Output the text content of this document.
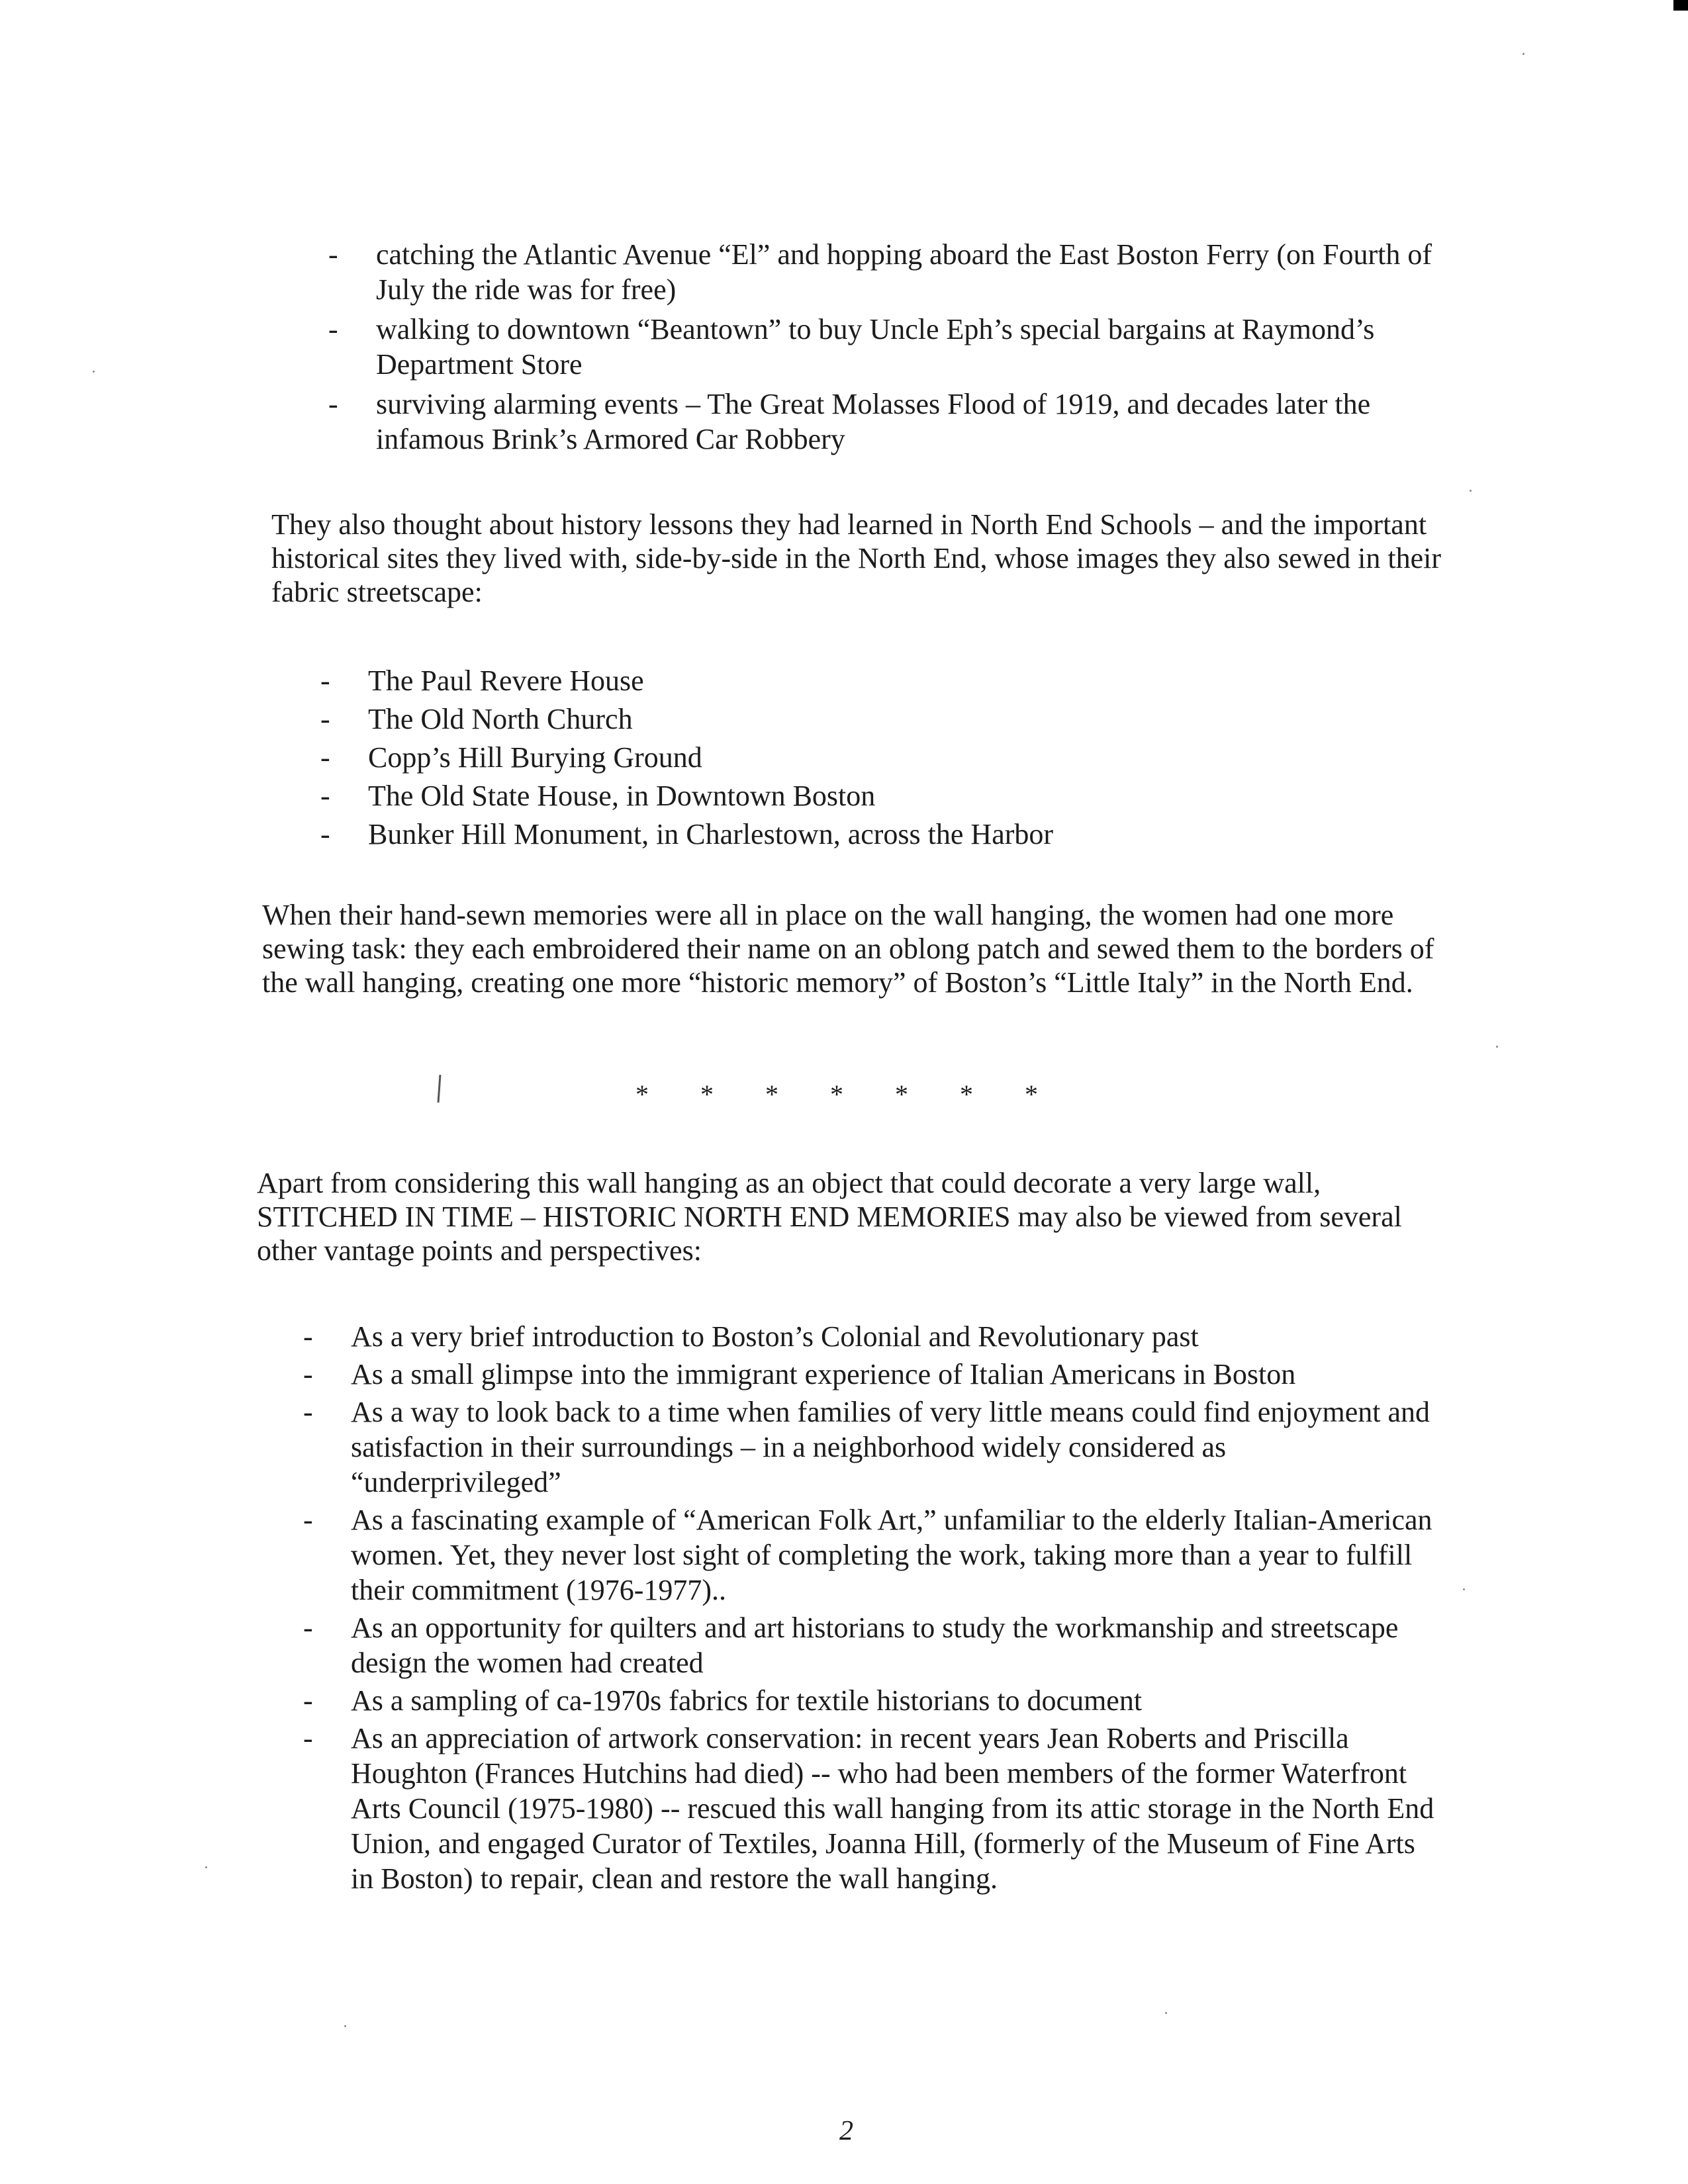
- catching the Atlantic Avenue “El” and hopping aboard the East Boston Ferry (on Fourth of July the ride was for free)
- walking to downtown “Beantown” to buy Uncle Eph’s special bargains at Raymond’s Department Store
- surviving alarming events – The Great Molasses Flood of 1919, and decades later the infamous Brink’s Armored Car Robbery

They also thought about history lessons they had learned in North End Schools – and the important historical sites they lived with, side-by-side in the North End, whose images they also sewed in their fabric streetscape:

- The Paul Revere House
- The Old North Church
- Copp’s Hill Burying Ground
- The Old State House, in Downtown Boston
- Bunker Hill Monument, in Charlestown, across the Harbor

When their hand-sewn memories were all in place on the wall hanging, the women had one more sewing task: they each embroidered their name on an oblong patch and sewed them to the borders of the wall hanging, creating one more “historic memory” of Boston’s “Little Italy” in the North End.

* * * * * * *

Apart from considering this wall hanging as an object that could decorate a very large wall, STITCHED IN TIME – HISTORIC NORTH END MEMORIES may also be viewed from several other vantage points and perspectives:

- As a very brief introduction to Boston’s Colonial and Revolutionary past
- As a small glimpse into the immigrant experience of Italian Americans in Boston
- As a way to look back to a time when families of very little means could find enjoyment and satisfaction in their surroundings – in a neighborhood widely considered as “underprivileged”
- As a fascinating example of “American Folk Art,” unfamiliar to the elderly Italian-American women. Yet, they never lost sight of completing the work, taking more than a year to fulfill their commitment (1976-1977)..
- As an opportunity for quilters and art historians to study the workmanship and streetscape design the women had created
- As a sampling of ca-1970s fabrics for textile historians to document
- As an appreciation of artwork conservation: in recent years Jean Roberts and Priscilla Houghton (Frances Hutchins had died) -- who had been members of the former Waterfront Arts Council (1975-1980) -- rescued this wall hanging from its attic storage in the North End Union, and engaged Curator of Textiles, Joanna Hill, (formerly of the Museum of Fine Arts in Boston) to repair, clean and restore the wall hanging.
2
